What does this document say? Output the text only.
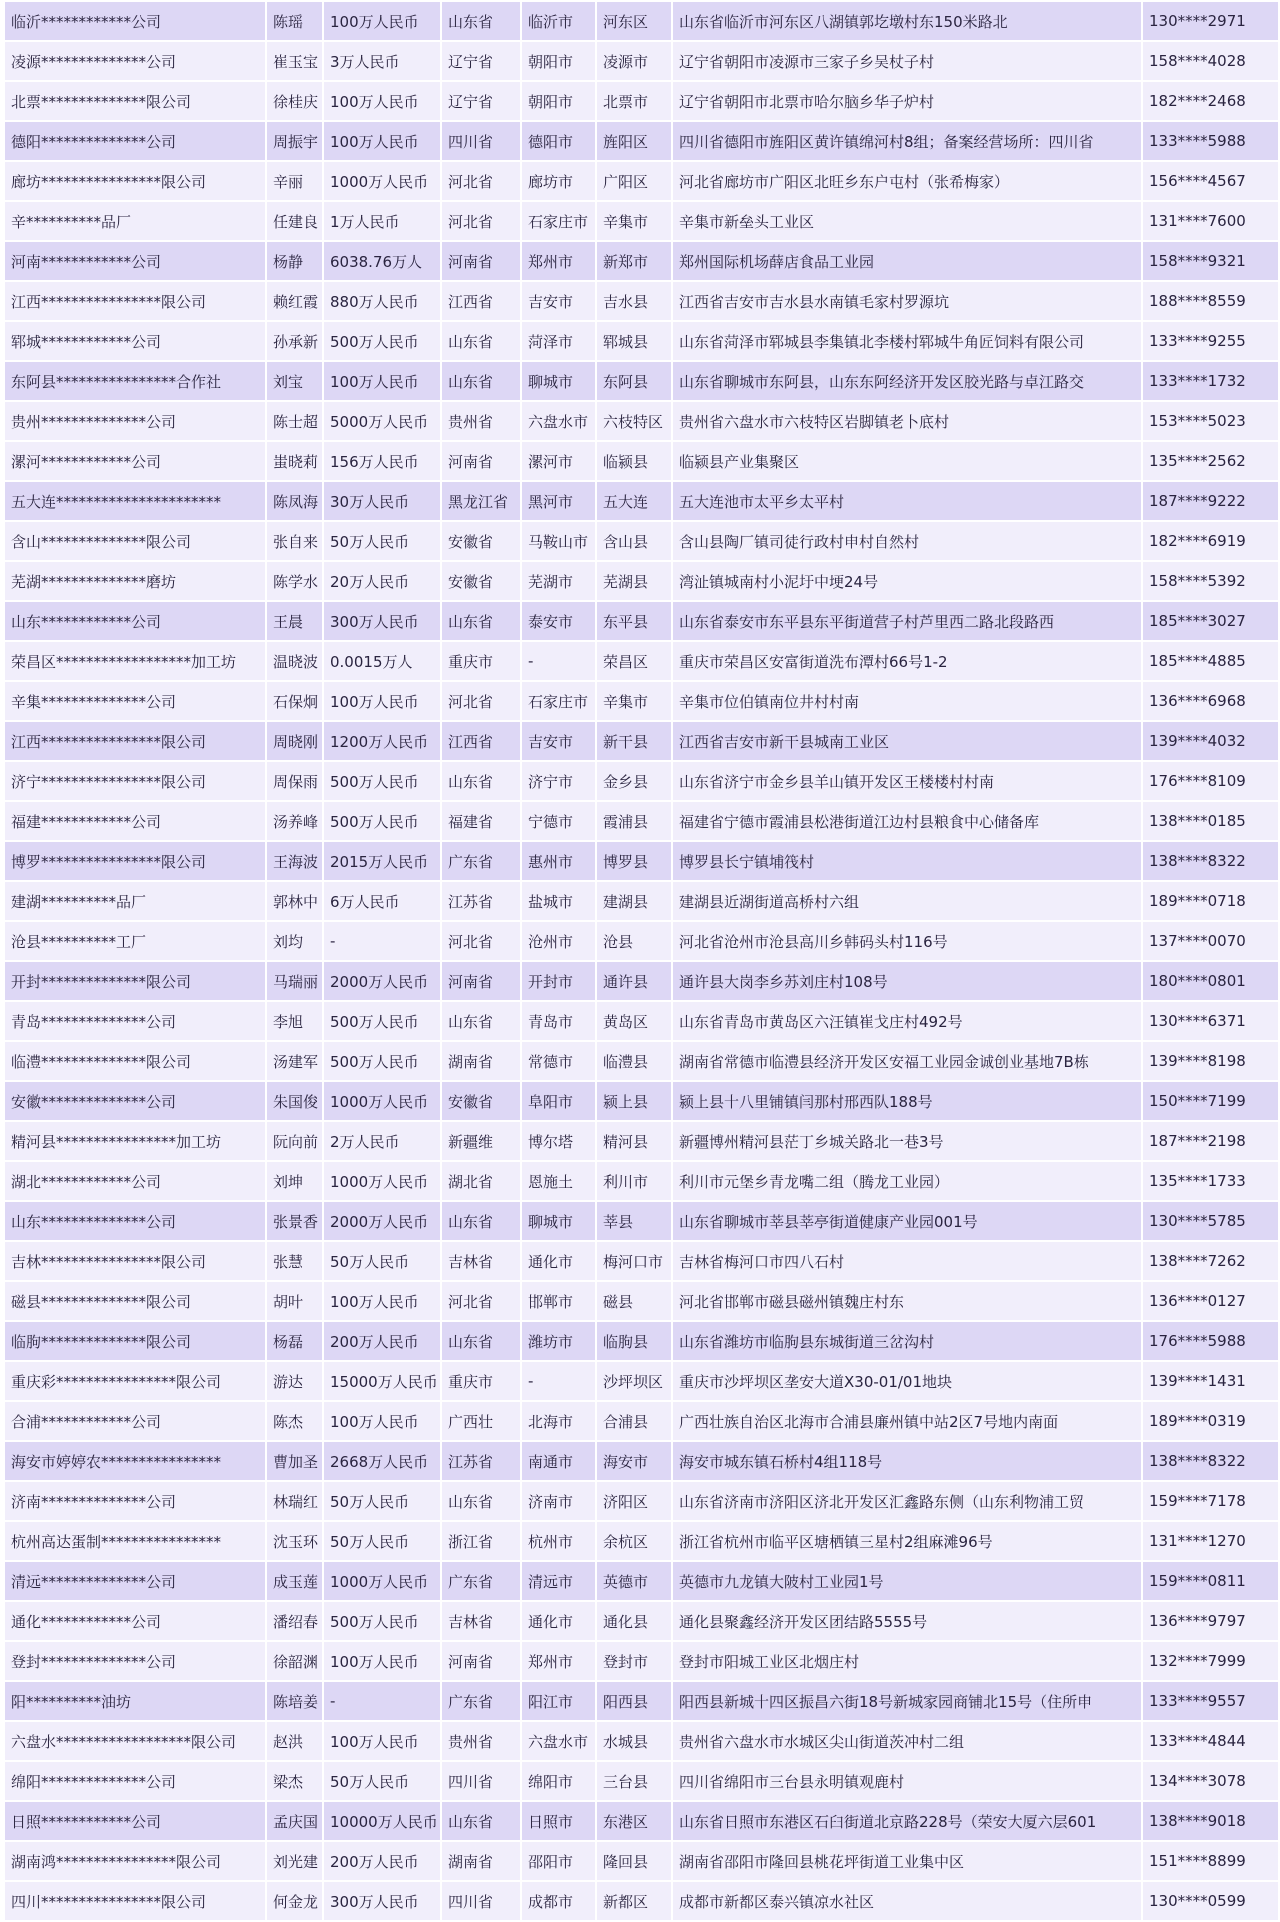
临沂************公司	陈瑶	100万人民币	山东省	临沂市	河东区	山东省临沂市河东区八湖镇郭圪墩村东150米路北	130****2971
凌源**************公司	崔玉宝	3万人民币	辽宁省	朝阳市	凌源市	辽宁省朝阳市凌源市三家子乡吴杖子村	158****4028
北票**************限公司	徐桂庆	100万人民币	辽宁省	朝阳市	北票市	辽宁省朝阳市北票市哈尔脑乡华子炉村	182****2468
德阳**************公司	周振宇	100万人民币	四川省	德阳市	旌阳区	四川省德阳市旌阳区黄许镇绵河村8组；备案经营场所：四川省	133****5988
廊坊****************限公司	辛丽	1000万人民币	河北省	廊坊市	广阳区	河北省廊坊市广阳区北旺乡东户屯村（张希梅家）	156****4567
辛**********品厂	任建良	1万人民币	河北省	石家庄市	辛集市	辛集市新垒头工业区	131****7600
河南************公司	杨静	6038.76万人	河南省	郑州市	新郑市	郑州国际机场薛店食品工业园	158****9321
江西****************限公司	赖红霞	880万人民币	江西省	吉安市	吉水县	江西省吉安市吉水县水南镇毛家村罗源坑	188****8559
郓城************公司	孙承新	500万人民币	山东省	菏泽市	郓城县	山东省菏泽市郓城县李集镇北李楼村郓城牛角匠饲料有限公司	133****9255
东阿县****************合作社	刘宝	100万人民币	山东省	聊城市	东阿县	山东省聊城市东阿县，山东东阿经济开发区胶光路与卓江路交	133****1732
贵州**************公司	陈士超	5000万人民币	贵州省	六盘水市	六枝特区	贵州省六盘水市六枝特区岩脚镇老卜底村	153****5023
漯河************公司	蚩晓莉	156万人民币	河南省	漯河市	临颍县	临颍县产业集聚区	135****2562
五大连**********************	陈凤海	30万人民币	黑龙江省	黑河市	五大连	五大连池市太平乡太平村	187****9222
含山**************限公司	张自来	50万人民币	安徽省	马鞍山市	含山县	含山县陶厂镇司徒行政村申村自然村	182****6919
芜湖**************磨坊	陈学水	20万人民币	安徽省	芜湖市	芜湖县	湾沚镇城南村小泥圩中埂24号	158****5392
山东************公司	王晨	300万人民币	山东省	泰安市	东平县	山东省泰安市东平县东平街道营子村芦里西二路北段路西	185****3027
荣昌区******************加工坊	温晓波	0.0015万人	重庆市	-	荣昌区	重庆市荣昌区安富街道洗布潭村66号1-2	185****4885
辛集**************公司	石保炯	100万人民币	河北省	石家庄市	辛集市	辛集市位伯镇南位井村村南	136****6968
江西****************限公司	周晓刚	1200万人民币	江西省	吉安市	新干县	江西省吉安市新干县城南工业区	139****4032
济宁****************限公司	周保雨	500万人民币	山东省	济宁市	金乡县	山东省济宁市金乡县羊山镇开发区王楼楼村村南	176****8109
福建************公司	汤养峰	500万人民币	福建省	宁德市	霞浦县	福建省宁德市霞浦县松港街道江边村县粮食中心储备库	138****0185
博罗****************限公司	王海波	2015万人民币	广东省	惠州市	博罗县	博罗县长宁镇埔筏村	138****8322
建湖**********品厂	郭林中	6万人民币	江苏省	盐城市	建湖县	建湖县近湖街道高桥村六组	189****0718
沧县**********工厂	刘均	-	河北省	沧州市	沧县	河北省沧州市沧县高川乡韩码头村116号	137****0070
开封**************限公司	马瑞丽	2000万人民币	河南省	开封市	通许县	通许县大岗李乡苏刘庄村108号	180****0801
青岛**************公司	李旭	500万人民币	山东省	青岛市	黄岛区	山东省青岛市黄岛区六汪镇崔戈庄村492号	130****6371
临澧**************限公司	汤建军	500万人民币	湖南省	常德市	临澧县	湖南省常德市临澧县经济开发区安福工业园金诚创业基地7B栋	139****8198
安徽**************公司	朱国俊	1000万人民币	安徽省	阜阳市	颍上县	颍上县十八里铺镇闫那村邢西队188号	150****7199
精河县****************加工坊	阮向前	2万人民币	新疆维	博尔塔	精河县	新疆博州精河县茫丁乡城关路北一巷3号	187****2198
湖北************公司	刘坤	1000万人民币	湖北省	恩施土	利川市	利川市元堡乡青龙嘴二组（腾龙工业园）	135****1733
山东**************公司	张景香	2000万人民币	山东省	聊城市	莘县	山东省聊城市莘县莘亭街道健康产业园001号	130****5785
吉林****************限公司	张慧	50万人民币	吉林省	通化市	梅河口市	吉林省梅河口市四八石村	138****7262
磁县**************限公司	胡叶	100万人民币	河北省	邯郸市	磁县	河北省邯郸市磁县磁州镇魏庄村东	136****0127
临朐**************限公司	杨磊	200万人民币	山东省	潍坊市	临朐县	山东省潍坊市临朐县东城街道三岔沟村	176****5988
重庆彩****************限公司	游达	15000万人民币	重庆市	-	沙坪坝区	重庆市沙坪坝区垄安大道X30-01/01地块	139****1431
合浦************公司	陈杰	100万人民币	广西壮	北海市	合浦县	广西壮族自治区北海市合浦县廉州镇中站2区7号地内南面	189****0319
海安市婷婷农****************	曹加圣	2668万人民币	江苏省	南通市	海安市	海安市城东镇石桥村4组118号	138****8322
济南**************公司	林瑞红	50万人民币	山东省	济南市	济阳区	山东省济南市济阳区济北开发区汇鑫路东侧（山东利物浦工贸	159****7178
杭州高达蛋制****************	沈玉环	50万人民币	浙江省	杭州市	余杭区	浙江省杭州市临平区塘栖镇三星村2组麻滩96号	131****1270
清远**************公司	成玉莲	1000万人民币	广东省	清远市	英德市	英德市九龙镇大陂村工业园1号	159****0811
通化************公司	潘绍春	500万人民币	吉林省	通化市	通化县	通化县聚鑫经济开发区团结路5555号	136****9797
登封**************公司	徐韶渊	100万人民币	河南省	郑州市	登封市	登封市阳城工业区北烟庄村	132****7999
阳**********油坊	陈培姜	-	广东省	阳江市	阳西县	阳西县新城十四区振昌六街18号新城家园商铺北15号（住所申	133****9557
六盘水******************限公司	赵洪	100万人民币	贵州省	六盘水市	水城县	贵州省六盘水市水城区尖山街道茨冲村二组	133****4844
绵阳**************公司	梁杰	50万人民币	四川省	绵阳市	三台县	四川省绵阳市三台县永明镇观鹿村	134****3078
日照************公司	孟庆国	10000万人民币	山东省	日照市	东港区	山东省日照市东港区石臼街道北京路228号（荣安大厦六层601	138****9018
湖南鸿****************限公司	刘光建	200万人民币	湖南省	邵阳市	隆回县	湖南省邵阳市隆回县桃花坪街道工业集中区	151****8899
四川****************限公司	何金龙	300万人民币	四川省	成都市	新都区	成都市新都区泰兴镇凉水社区	130****0599
